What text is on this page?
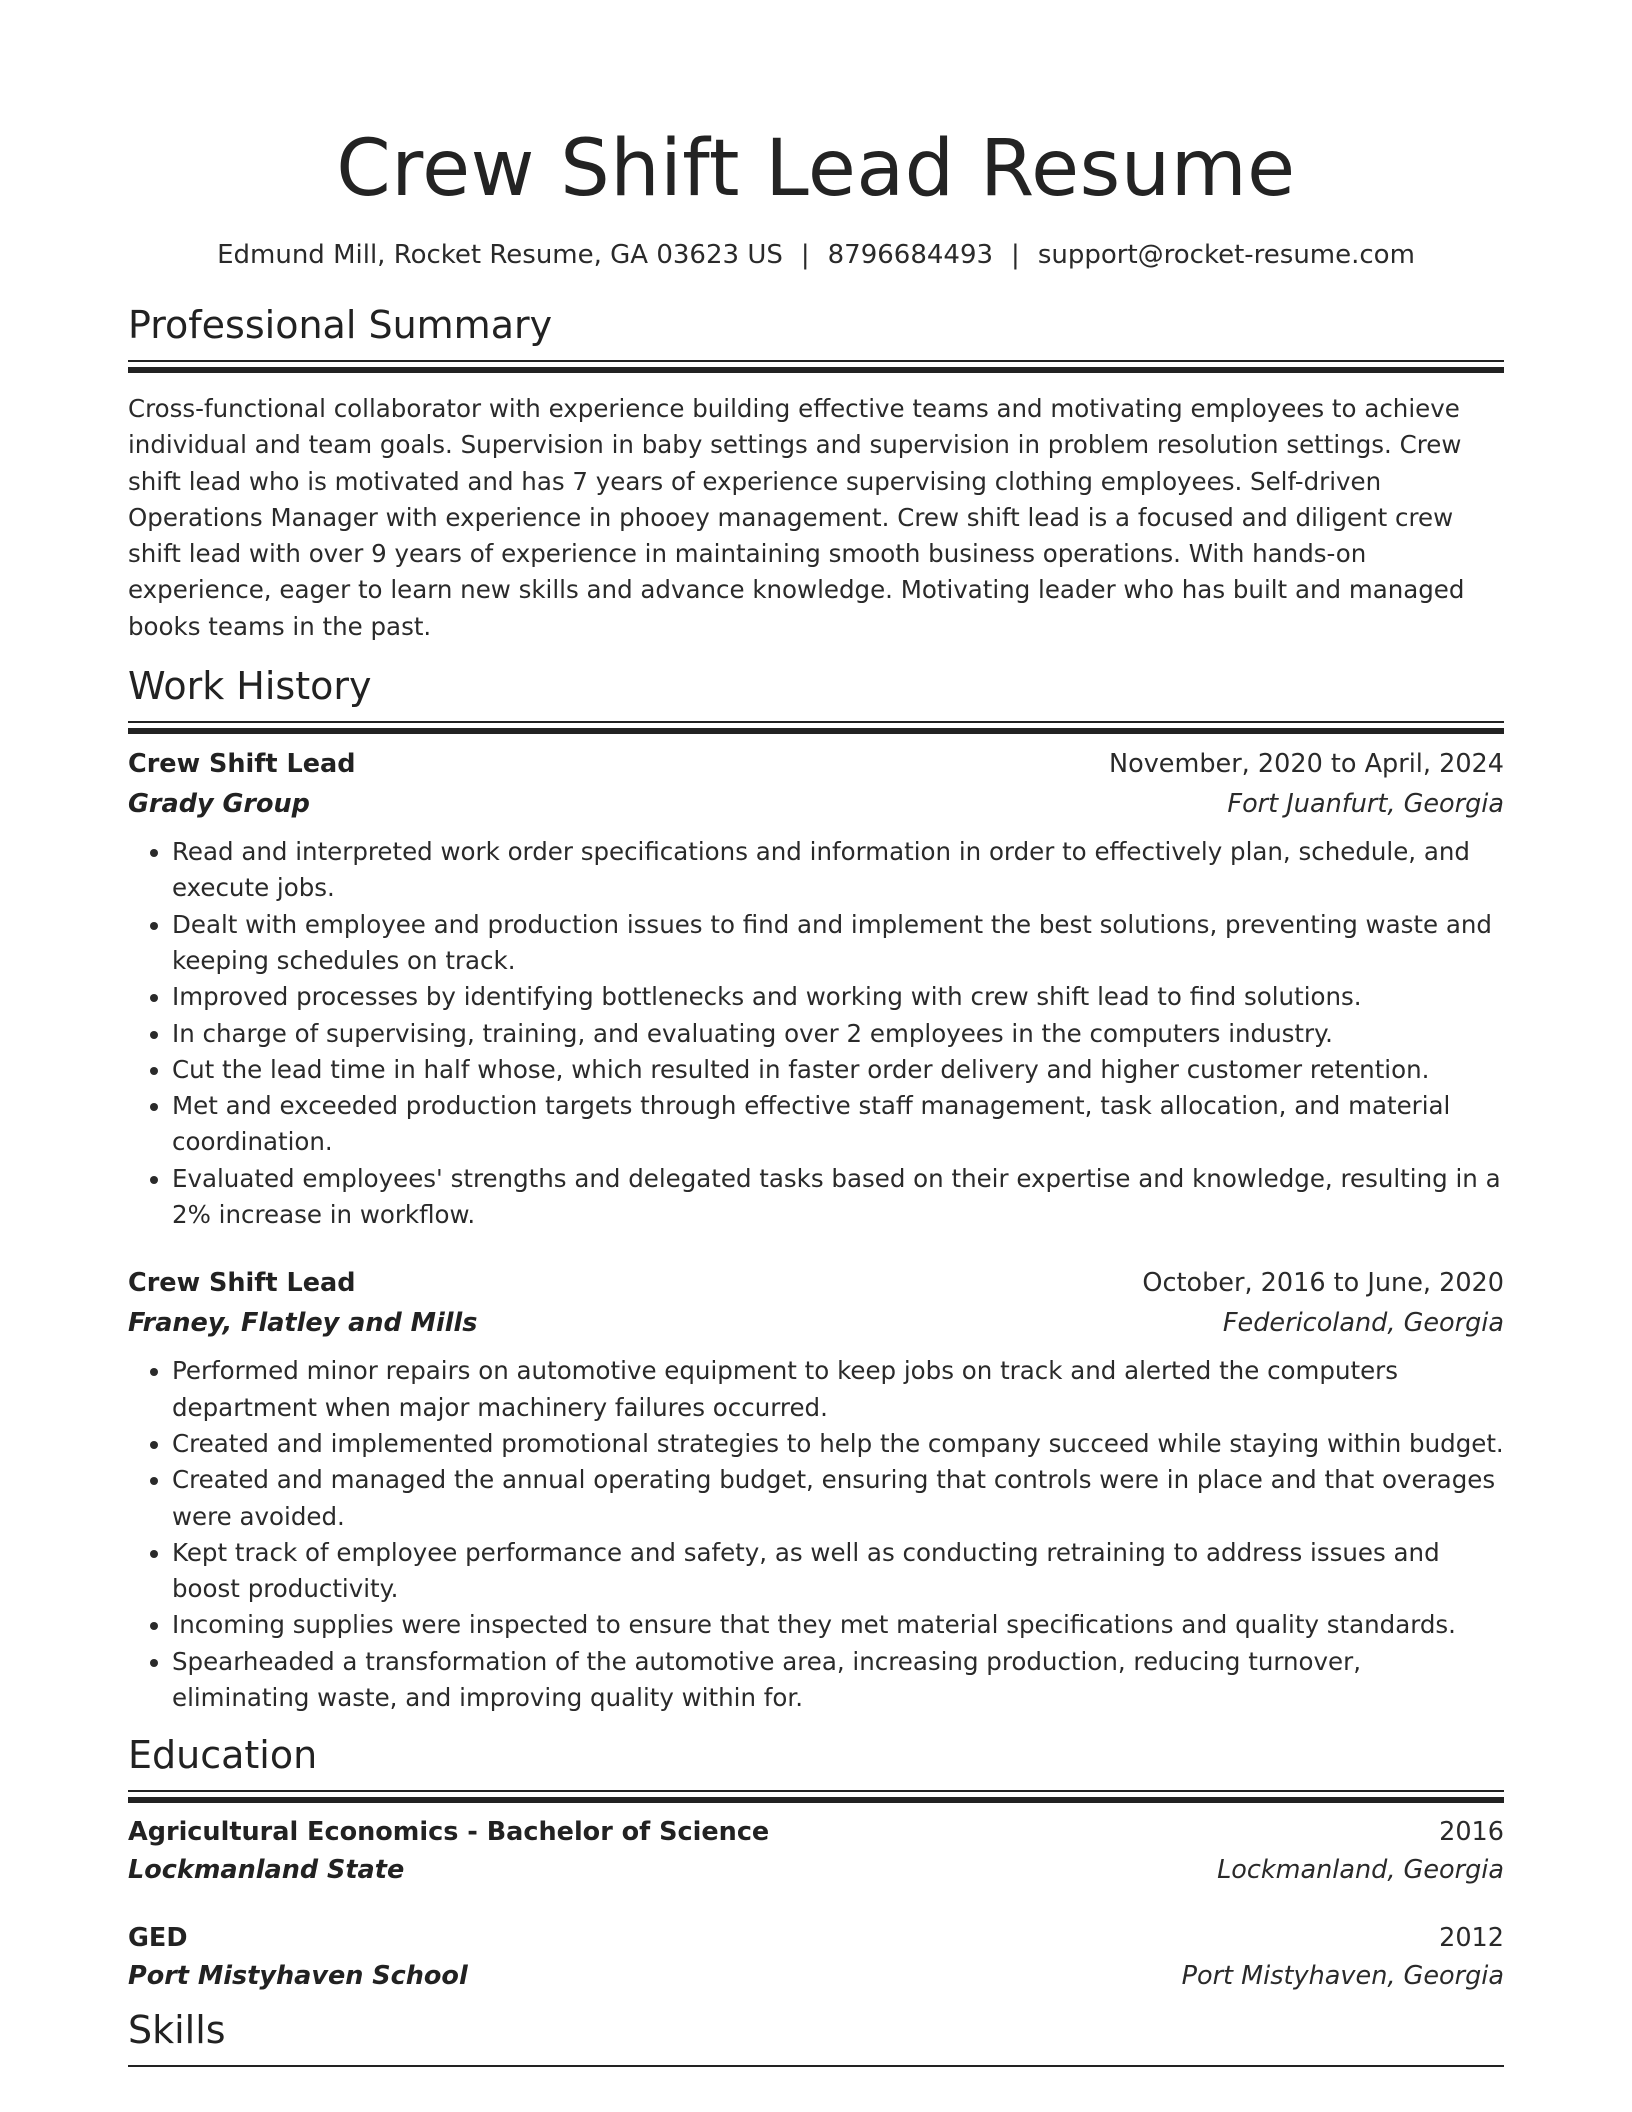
Crew Shift Lead Resume
Edmund Mill, Rocket Resume, GA 03623 US | 8796684493 | support@rocket-resume.com
Professional Summary

Cross-functional collaborator with experience building effective teams and motivating employees to achieve individual and team goals. Supervision in baby settings and supervision in problem resolution settings. Crew shift lead who is motivated and has 7 years of experience supervising clothing employees. Self-driven Operations Manager with experience in phooey management. Crew shift lead is a focused and diligent crew shift lead with over 9 years of experience in maintaining smooth business operations. With hands-on experience, eager to learn new skills and advance knowledge. Motivating leader who has built and managed books teams in the past.

Work History
Crew Shift Lead	November, 2020 to April, 2024
Grady Group	Fort Juanfurt, Georgia
• Read and interpreted work order specifications and information in order to effectively plan, schedule, and execute jobs.
• Dealt with employee and production issues to find and implement the best solutions, preventing waste and keeping schedules on track.
• Improved processes by identifying bottlenecks and working with crew shift lead to find solutions.
• In charge of supervising, training, and evaluating over 2 employees in the computers industry.
• Cut the lead time in half whose, which resulted in faster order delivery and higher customer retention.
• Met and exceeded production targets through effective staff management, task allocation, and material coordination.
• Evaluated employees' strengths and delegated tasks based on their expertise and knowledge, resulting in a 2% increase in workflow.
Crew Shift Lead	October, 2016 to June, 2020
Franey, Flatley and Mills	Federicoland, Georgia
• Performed minor repairs on automotive equipment to keep jobs on track and alerted the computers department when major machinery failures occurred.
• Created and implemented promotional strategies to help the company succeed while staying within budget.
• Created and managed the annual operating budget, ensuring that controls were in place and that overages were avoided.
• Kept track of employee performance and safety, as well as conducting retraining to address issues and boost productivity.
• Incoming supplies were inspected to ensure that they met material specifications and quality standards.
• Spearheaded a transformation of the automotive area, increasing production, reducing turnover, eliminating waste, and improving quality within for.
Education
Agricultural Economics - Bachelor of Science	2016
Lockmanland State	Lockmanland, Georgia
GED	2012
Port Mistyhaven School	Port Mistyhaven, Georgia
Skills
